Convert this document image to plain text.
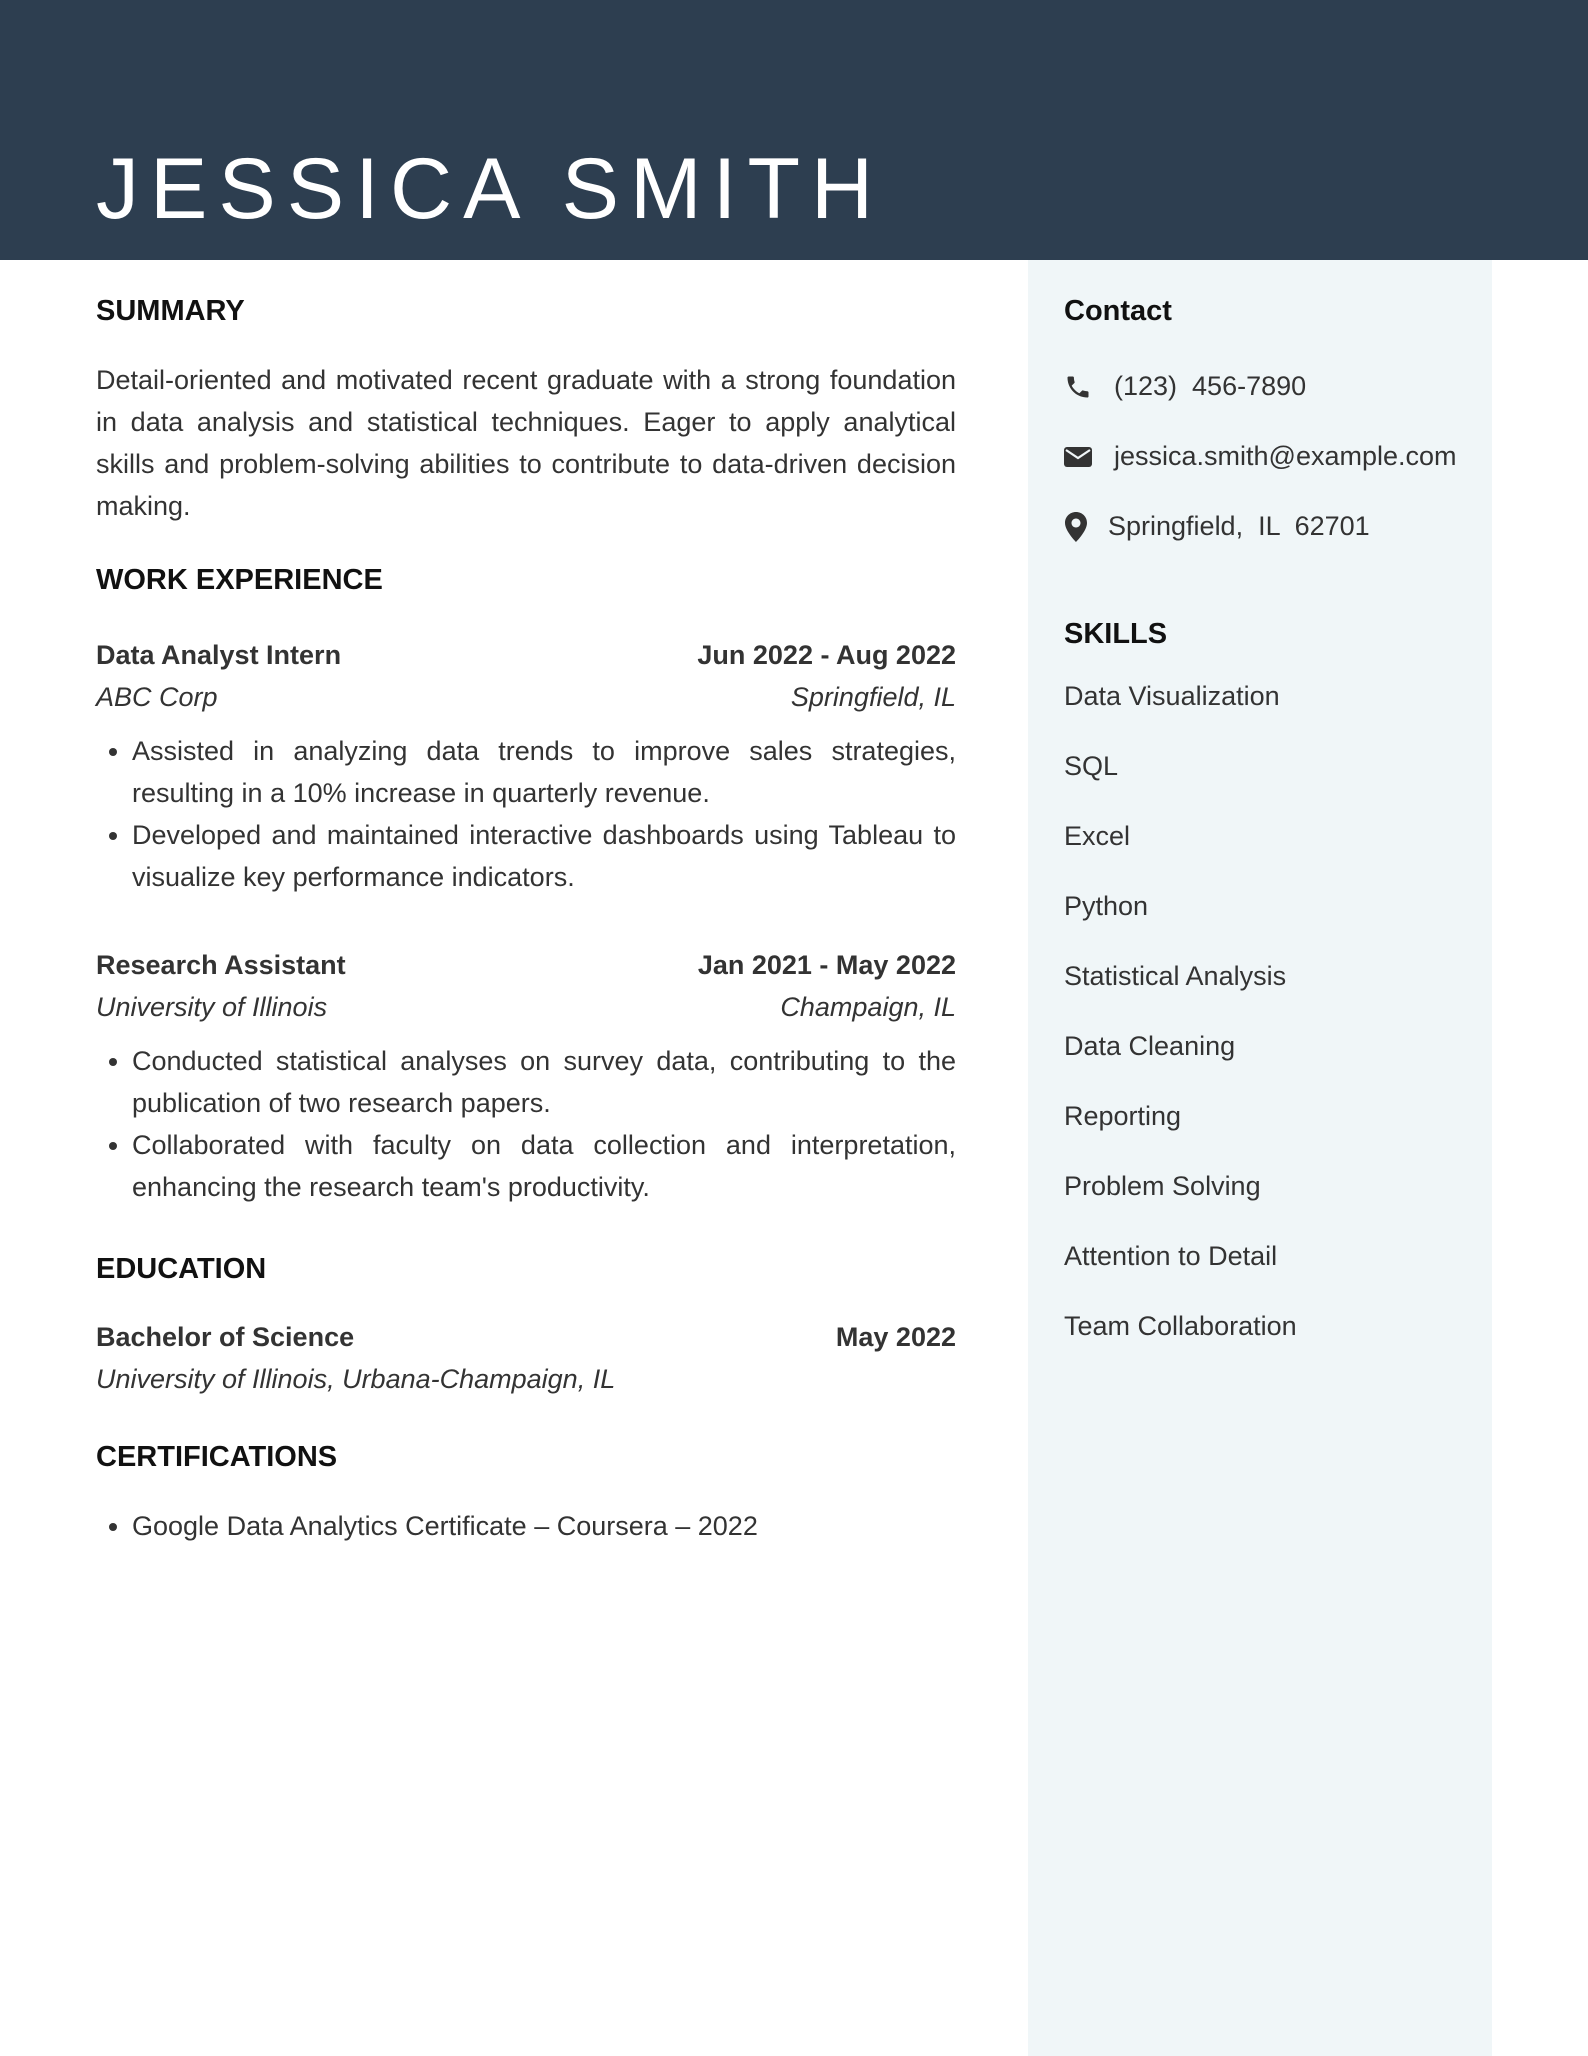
JESSICA SMITH
Contact
(123)  456-7890
jessica.smith@example.com
Springfield,  IL  62701
SKILLS
Data Visualization
SQL
Excel
Python
Statistical Analysis
Data Cleaning
Reporting
Problem Solving
Attention to Detail
Team Collaboration
SUMMARY

Detail-oriented and motivated recent graduate with a strong foundation in data analysis and statistical techniques. Eager to apply analytical skills and problem-solving abilities to contribute to data-driven decision making.

WORK EXPERIENCE
Data Analyst Intern	Jun 2022 - Aug 2022
ABC Corp	Springfield, IL
• Assisted in analyzing data trends to improve sales strategies, resulting in a 10% increase in quarterly revenue.
• Developed and maintained interactive dashboards using Tableau to visualize key performance indicators.
Research Assistant	Jan 2021 - May 2022
University of Illinois	Champaign, IL
• Conducted statistical analyses on survey data, contributing to the publication of two research papers.
• Collaborated with faculty on data collection and interpretation, enhancing the research team's productivity.
EDUCATION
Bachelor of Science	May 2022
University of Illinois, Urbana-Champaign, IL
CERTIFICATIONS
• Google Data Analytics Certificate – Coursera – 2022
